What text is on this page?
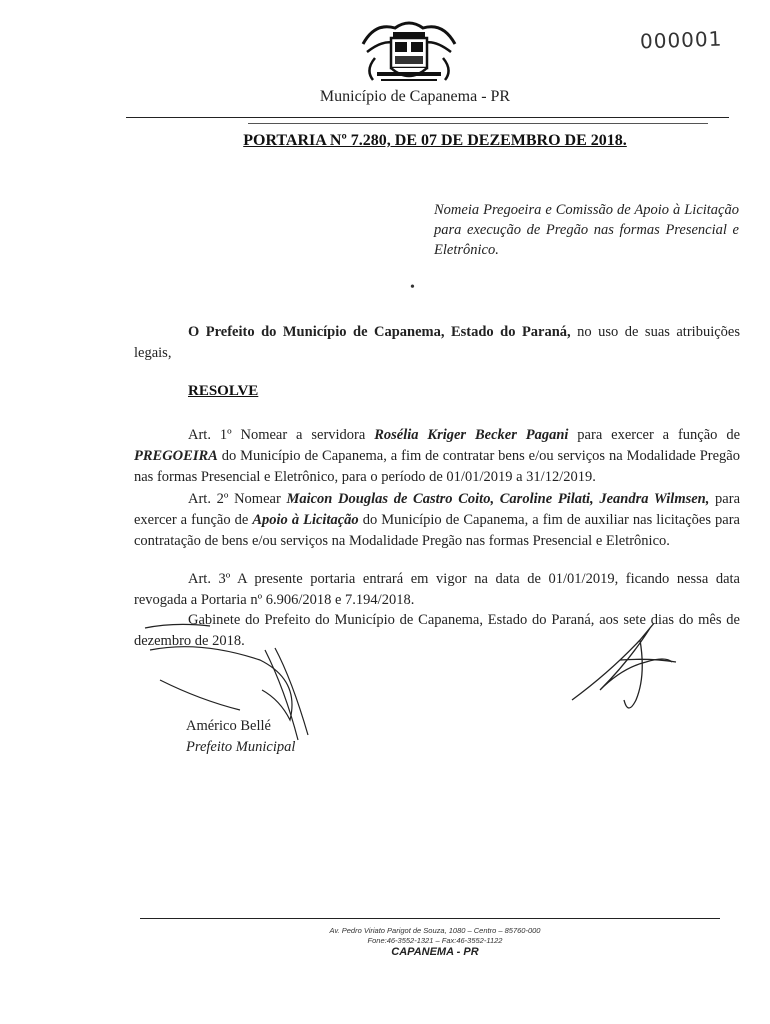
000001
Município de Capanema - PR
PORTARIA Nº 7.280, DE 07 DE DEZEMBRO DE 2018.
Nomeia Pregoeira e Comissão de Apoio à Licitação para execução de Pregão nas formas Presencial e Eletrônico.
•
O Prefeito do Município de Capanema, Estado do Paraná, no uso de suas atribuições legais,
RESOLVE
Art. 1º Nomear a servidora Rosélia Kriger Becker Pagani para exercer a função de PREGOEIRA do Município de Capanema, a fim de contratar bens e/ou serviços na Modalidade Pregão nas formas Presencial e Eletrônico, para o período de 01/01/2019 a 31/12/2019.
Art. 2º Nomear Maicon Douglas de Castro Coito, Caroline Pilati, Jeandra Wilmsen, para exercer a função de Apoio à Licitação do Município de Capanema, a fim de auxiliar nas licitações para contratação de bens e/ou serviços na Modalidade Pregão nas formas Presencial e Eletrônico.
Art. 3º A presente portaria entrará em vigor na data de 01/01/2019, ficando nessa data revogada a Portaria nº 6.906/2018 e 7.194/2018.
Gabinete do Prefeito do Município de Capanema, Estado do Paraná, aos sete dias do mês de dezembro de 2018.
Américo Bellé
Prefeito Municipal
Av. Pedro Viriato Parigot de Souza, 1080 – Centro – 85760-000
Fone:46-3552-1321 – Fax:46-3552-1122
CAPANEMA - PR
